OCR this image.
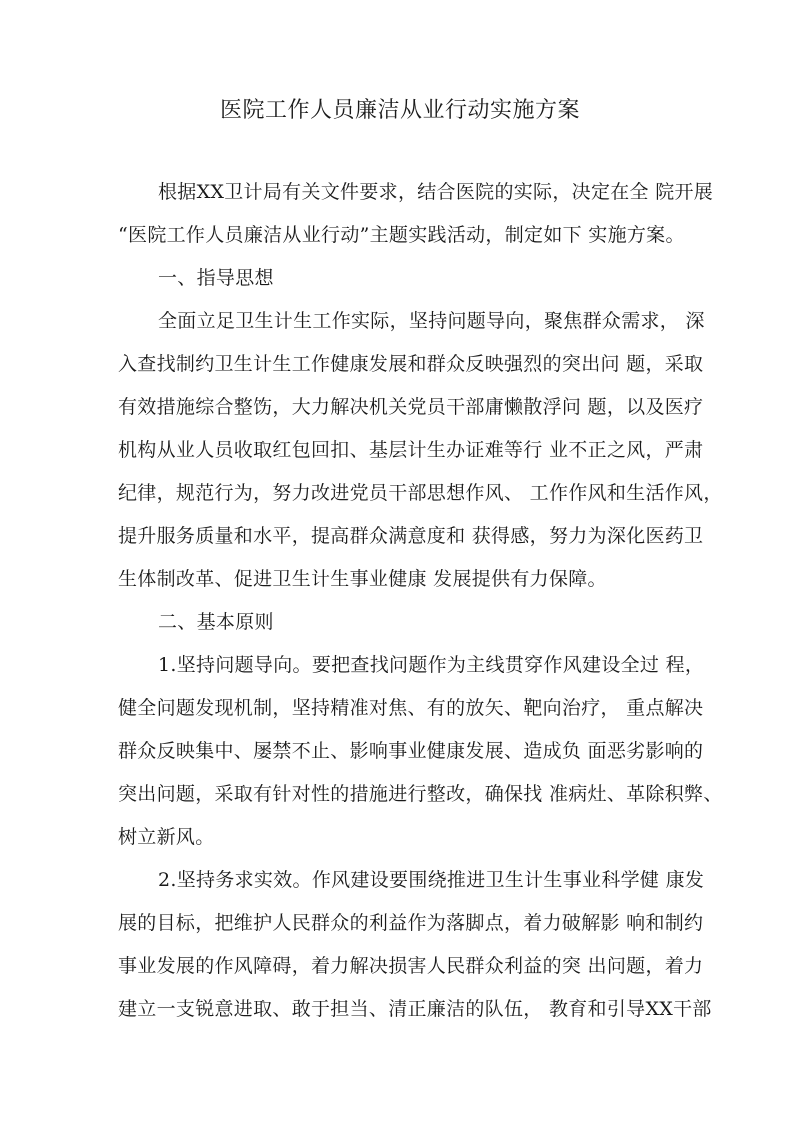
医院工作人员廉洁从业行动实施方案
根据XX卫计局有关文件要求，结合医院的实际，决定在全 院开展
“医院工作人员廉洁从业行动”主题实践活动，制定如下 实施方案。
一、指导思想
全面立足卫生计生工作实际，坚持问题导向，聚焦群众需求， 深
入查找制约卫生计生工作健康发展和群众反映强烈的突出问 题，采取
有效措施综合整饬，大力解决机关党员干部庸懒散浮问 题，以及医疗
机构从业人员收取红包回扣、基层计生办证难等行 业不正之风，严肃
纪律，规范行为，努力改进党员干部思想作风、 工作作风和生活作风，
提升服务质量和水平，提高群众满意度和 获得感，努力为深化医药卫
生体制改革、促进卫生计生事业健康 发展提供有力保障。
二、基本原则
1.坚持问题导向。要把查找问题作为主线贯穿作风建设全过 程，
健全问题发现机制，坚持精准对焦、有的放矢、靶向治疗， 重点解决
群众反映集中、屡禁不止、影响事业健康发展、造成负 面恶劣影响的
突出问题，采取有针对性的措施进行整改，确保找 准病灶、革除积弊、
树立新风。
2.坚持务求实效。作风建设要围绕推进卫生计生事业科学健 康发
展的目标，把维护人民群众的利益作为落脚点，着力破解影 响和制约
事业发展的作风障碍，着力解决损害人民群众利益的突 出问题，着力
建立一支锐意进取、敢于担当、清正廉洁的队伍， 教育和引导XX干部
